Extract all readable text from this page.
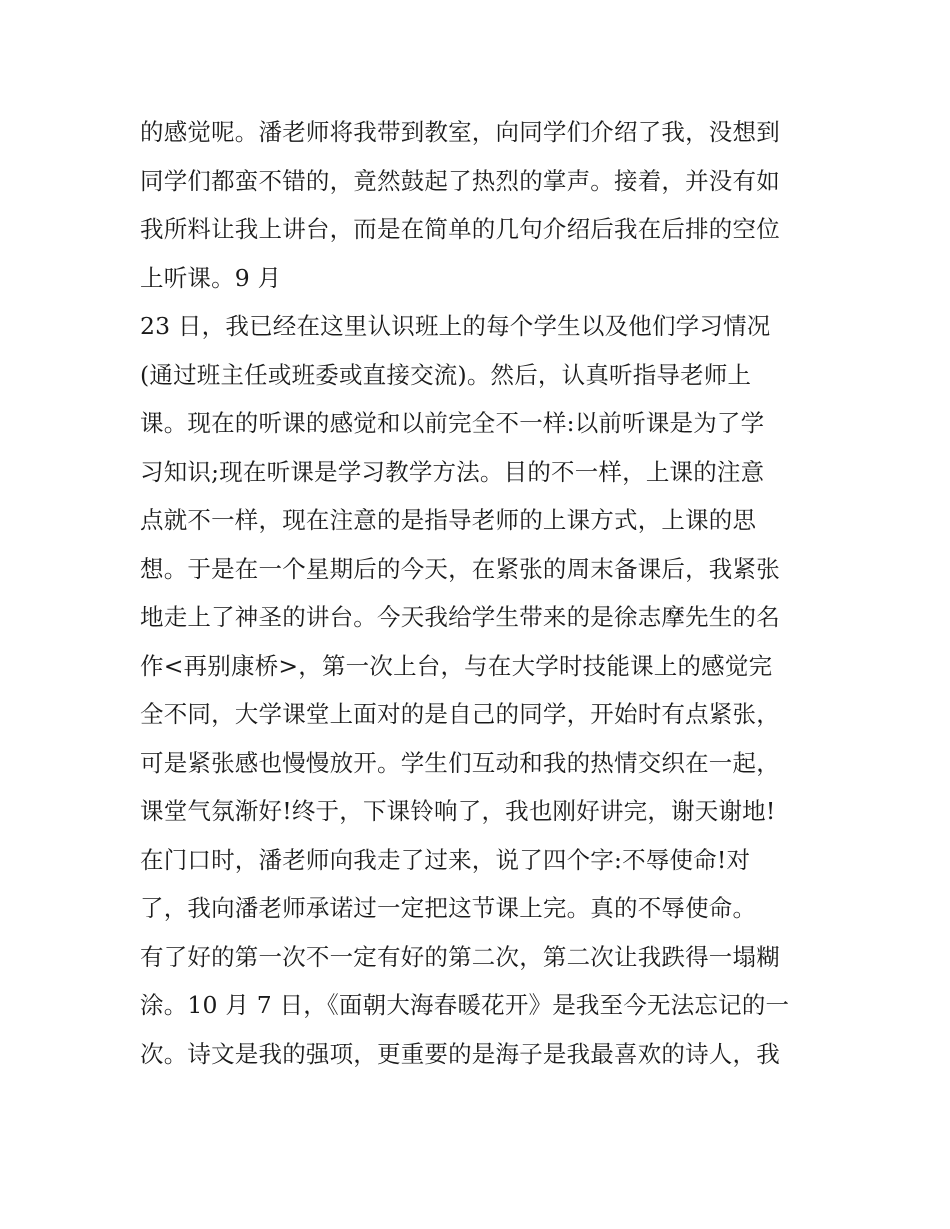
的感觉呢。潘老师将我带到教室，向同学们介绍了我，没想到
同学们都蛮不错的，竟然鼓起了热烈的掌声。接着，并没有如
我所料让我上讲台，而是在简单的几句介绍后我在后排的空位
上听课。9 月
23 日，我已经在这里认识班上的每个学生以及他们学习情况
(通过班主任或班委或直接交流)。然后，认真听指导老师上
课。现在的听课的感觉和以前完全不一样:以前听课是为了学
习知识;现在听课是学习教学方法。目的不一样，上课的注意
点就不一样，现在注意的是指导老师的上课方式，上课的思
想。于是在一个星期后的今天，在紧张的周末备课后，我紧张
地走上了神圣的讲台。今天我给学生带来的是徐志摩先生的名
作<再别康桥>，第一次上台，与在大学时技能课上的感觉完
全不同，大学课堂上面对的是自己的同学，开始时有点紧张，
可是紧张感也慢慢放开。学生们互动和我的热情交织在一起，
课堂气氛渐好!终于，下课铃响了，我也刚好讲完，谢天谢地!
在门口时，潘老师向我走了过来，说了四个字:不辱使命!对
了，我向潘老师承诺过一定把这节课上完。真的不辱使命。
有了好的第一次不一定有好的第二次，第二次让我跌得一塌糊
涂。10 月 7 日，《面朝大海春暖花开》是我至今无法忘记的一
次。诗文是我的强项，更重要的是海子是我最喜欢的诗人，我
